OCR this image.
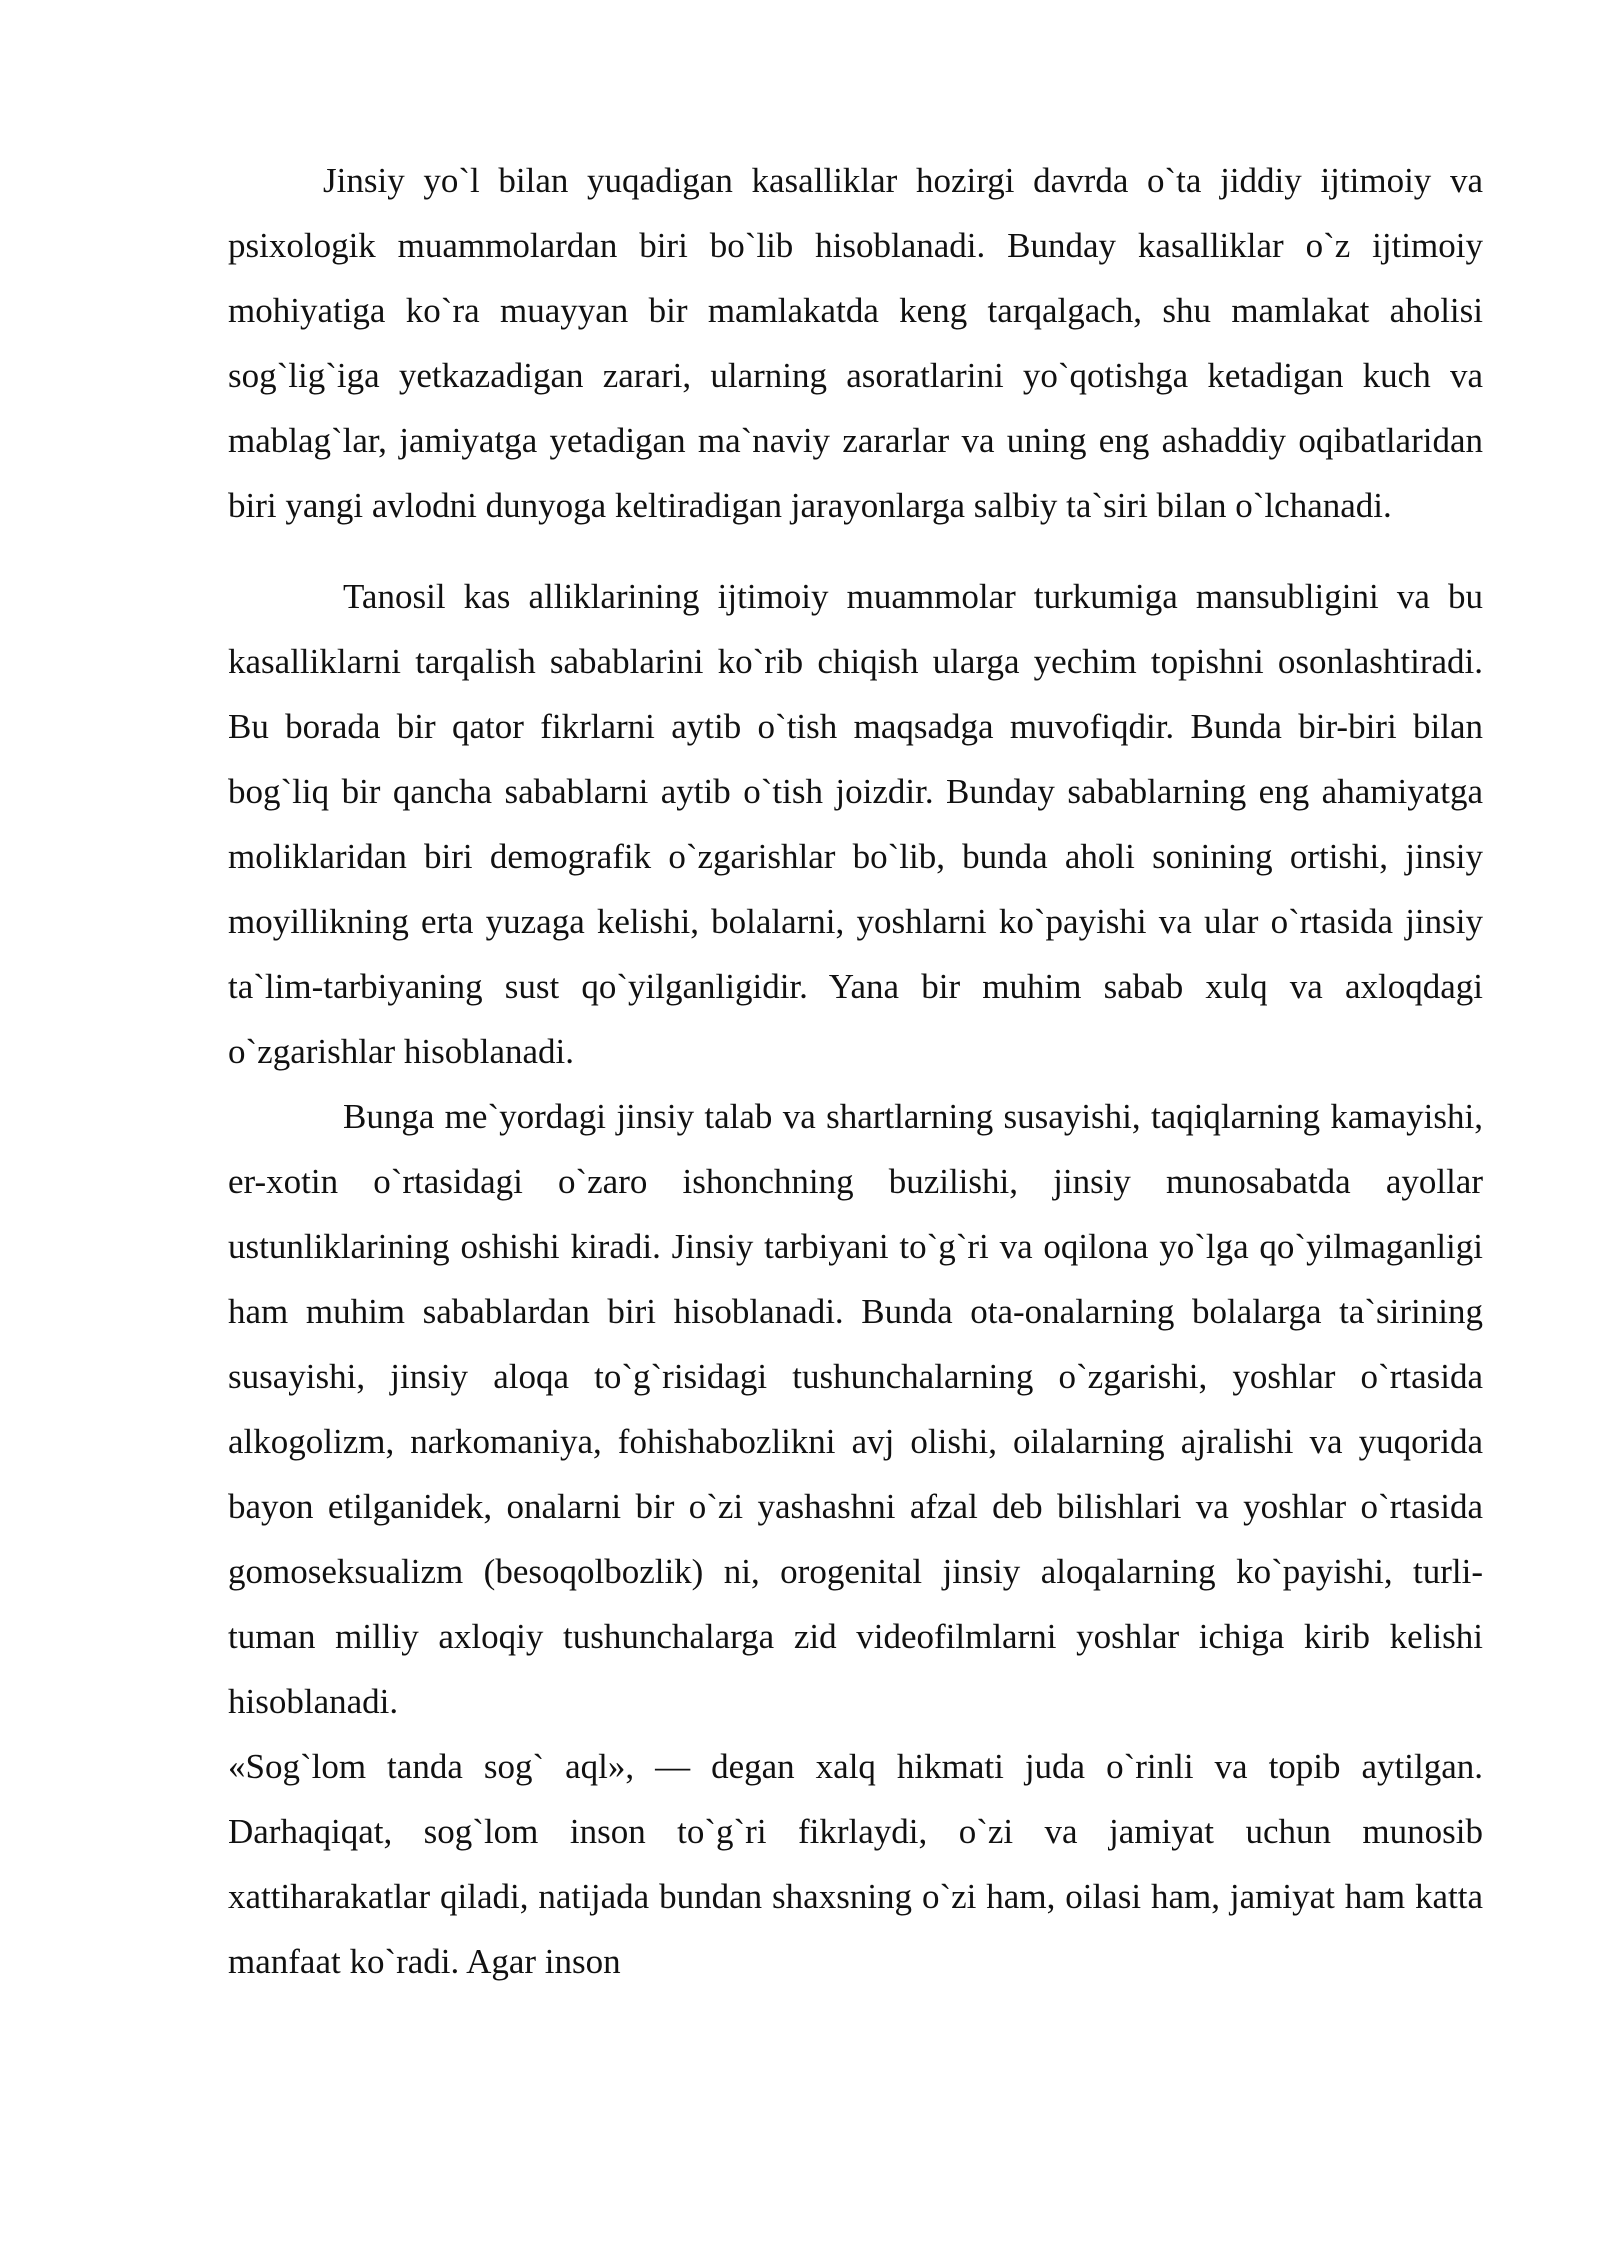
Jinsiy yo`l bilan yuqadigan kasalliklar hozirgi davrda o`ta jiddiy ijtimoiy va psixologik muammolardan biri bo`lib hisoblanadi. Bunday kasalliklar o`z ijtimoiy mohiyatiga ko`ra muayyan bir mamlakatda keng tarqalgach, shu mamlakat aholisi sog`lig`iga yetkazadigan zarari, ularning asoratlarini yo`qotishga ketadigan kuch va mablag`lar, jamiyatga yetadigan ma`naviy zararlar va uning eng ashaddiy oqibatlaridan biri yangi avlodni dunyoga keltiradigan jarayonlarga salbiy ta`siri bilan o`lchanadi.

Tanosil kas alliklarining ijtimoiy muammolar turkumiga mansubligini va bu kasalliklarni tarqalish sabablarini ko`rib chiqish ularga yechim topishni osonlashtiradi. Bu borada bir qator fikrlarni aytib o`tish maqsadga muvofiqdir. Bunda bir-biri bilan bog`liq bir qancha sabablarni aytib o`tish joizdir. Bunday sabablarning eng ahamiyatga moliklaridan biri demografik o`zgarishlar bo`lib, bunda aholi sonining ortishi, jinsiy moyillikning erta yuzaga kelishi, bolalarni, yoshlarni ko`payishi va ular o`rtasida jinsiy ta`lim-tarbiyaning sust qo`yilganligidir. Yana bir muhim sabab xulq va axloqdagi o`zgarishlar hisoblanadi.

Bunga me`yordagi jinsiy talab va shartlarning susayishi, taqiqlarning kamayishi, er-xotin o`rtasidagi o`zaro ishonchning buzilishi, jinsiy munosabatda ayollar ustunliklarining oshishi kiradi. Jinsiy tarbiyani to`g`ri va oqilona yo`lga qo`yilmaganligi ham muhim sabablardan biri hisoblanadi. Bunda ota-onalarning bolalarga ta`sirining susayishi, jinsiy aloqa to`g`risidagi tushunchalarning o`zgarishi, yoshlar o`rtasida alkogolizm, narkomaniya, fohishabozlikni avj olishi, oilalarning ajralishi va yuqorida bayon etilganidek, onalarni bir o`zi yashashni afzal deb bilishlari va yoshlar o`rtasida gomoseksualizm (besoqolbozlik) ni, orogenital jinsiy aloqalarning ko`payishi, turli-tuman milliy axloqiy tushunchalarga zid videofilmlarni yoshlar ichiga kirib kelishi hisoblanadi.

«Sog`lom tanda sog` aql», — degan xalq hikmati juda o`rinli va topib aytilgan. Darhaqiqat, sog`lom inson to`g`ri fikrlaydi, o`zi va jamiyat uchun munosib xattiharakatlar qiladi, natijada bundan shaxsning o`zi ham, oilasi ham, jamiyat ham katta manfaat ko`radi. Agar inson
